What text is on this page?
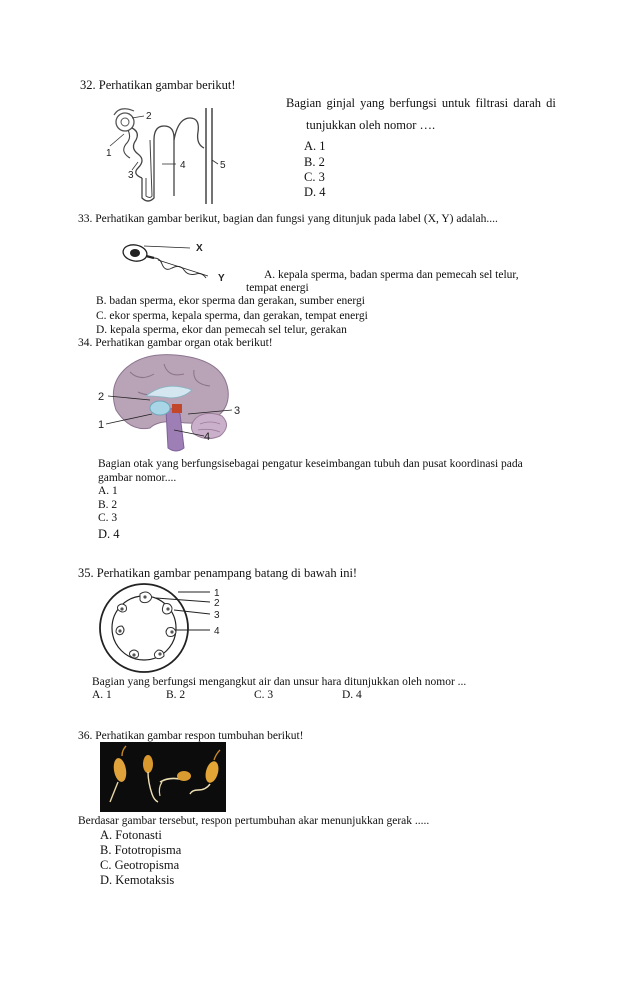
32. Perhatikan gambar berikut!
2
1
3
4	5
Bagian ginjal yang berfungsi untuk filtrasi darah di
tunjukkan oleh nomor ….
A. 1
B. 2
C. 3
D. 4
33. Perhatikan gambar berikut, bagian dan fungsi yang ditunjuk pada label (X, Y) adalah....
X
Y	A. kepala sperma, badan sperma dan pemecah sel telur,
tempat energi
B. badan sperma, ekor sperma dan gerakan, sumber energi
C. ekor sperma, kepala sperma, dan gerakan, tempat energi
D. kepala sperma, ekor dan pemecah sel telur, gerakan
34. Perhatikan gambar organ otak berikut!
2
1
3
4
Bagian otak yang berfungsisebagai pengatur keseimbangan tubuh dan pusat koordinasi pada
gambar nomor....
A. 1
B. 2
C. 3
D. 4
35. Perhatikan gambar penampang batang di bawah ini!
1
2
3
4
Bagian yang berfungsi mengangkut air dan unsur hara ditunjukkan oleh nomor ...
A. 1	B. 2	C. 3	D. 4
36. Perhatikan gambar respon tumbuhan berikut!
Berdasar gambar tersebut, respon pertumbuhan akar menunjukkan gerak .....
A. Fotonasti
B. Fototropisma
C. Geotropisma
D. Kemotaksis
